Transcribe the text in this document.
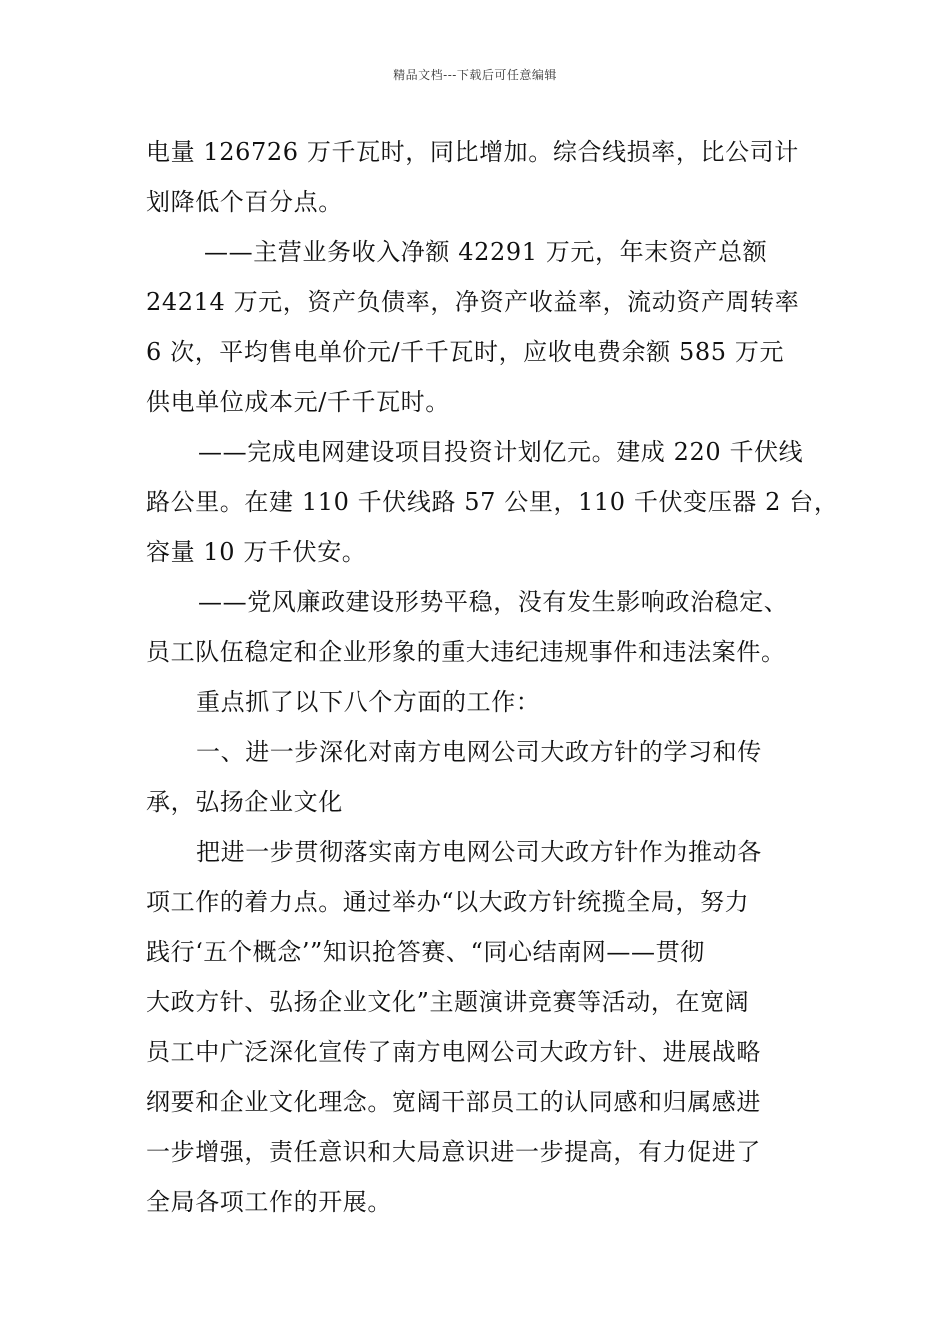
精品文档---下载后可任意编辑
电量 126726 万千瓦时，同比增加。综合线损率，比公司计
划降低个百分点。
——主营业务收入净额 42291 万元，年末资产总额
24214 万元，资产负债率，净资产收益率，流动资产周转率
6 次，平均售电单价元/千千瓦时，应收电费余额 585 万元
供电单位成本元/千千瓦时。
——完成电网建设项目投资计划亿元。建成 220 千伏线
路公里。在建 110 千伏线路 57 公里，110 千伏变压器 2 台，
容量 10 万千伏安。
——党风廉政建设形势平稳，没有发生影响政治稳定、
员工队伍稳定和企业形象的重大违纪违规事件和违法案件。
重点抓了以下八个方面的工作：
一、进一步深化对南方电网公司大政方针的学习和传
承，弘扬企业文化
把进一步贯彻落实南方电网公司大政方针作为推动各
项工作的着力点。通过举办“以大政方针统揽全局，努力
践行‘五个概念’”知识抢答赛、“同心结南网——贯彻
大政方针、弘扬企业文化”主题演讲竞赛等活动，在宽阔
员工中广泛深化宣传了南方电网公司大政方针、进展战略
纲要和企业文化理念。宽阔干部员工的认同感和归属感进
一步增强，责任意识和大局意识进一步提高，有力促进了
全局各项工作的开展。
